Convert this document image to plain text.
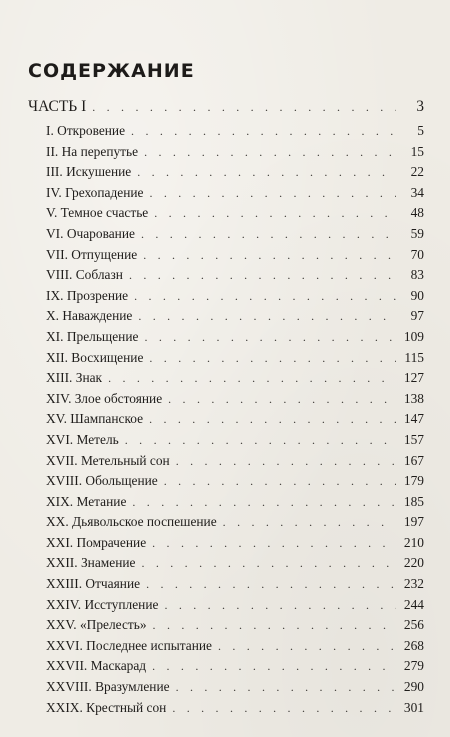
СОДЕРЖАНИЕ
ЧАСТЬ I . . .	3
I. Откровение . . .	5
II. На перепутье . . .	15
III. Искушение . . .	22
IV. Грехопадение . . .	34
V. Темное счастье . . .	48
VI. Очарование . . .	59
VII. Отпущение . . .	70
VIII. Соблазн . . .	83
IX. Прозрение . . .	90
X. Наваждение . . .	97
XI. Прельщение . . .	109
XII. Восхищение . . .	115
XIII. Знак . . .	127
XIV. Злое обстояние . . .	138
XV. Шампанское . . .	147
XVI. Метель . . .	157
XVII. Метельный сон . . .	167
XVIII. Обольщение . . .	179
XIX. Метание . . .	185
XX. Дьявольское поспешение . . .	197
XXI. Помрачение . . .	210
XXII. Знамение . . .	220
XXIII. Отчаяние . . .	232
XXIV. Исступление . . .	244
XXV. «Прелесть» . . .	256
XXVI. Последнее испытание . . .	268
XXVII. Маскарад . . .	279
XXVIII. Вразумление . . .	290
XXIX. Крестный сон . . .	301
